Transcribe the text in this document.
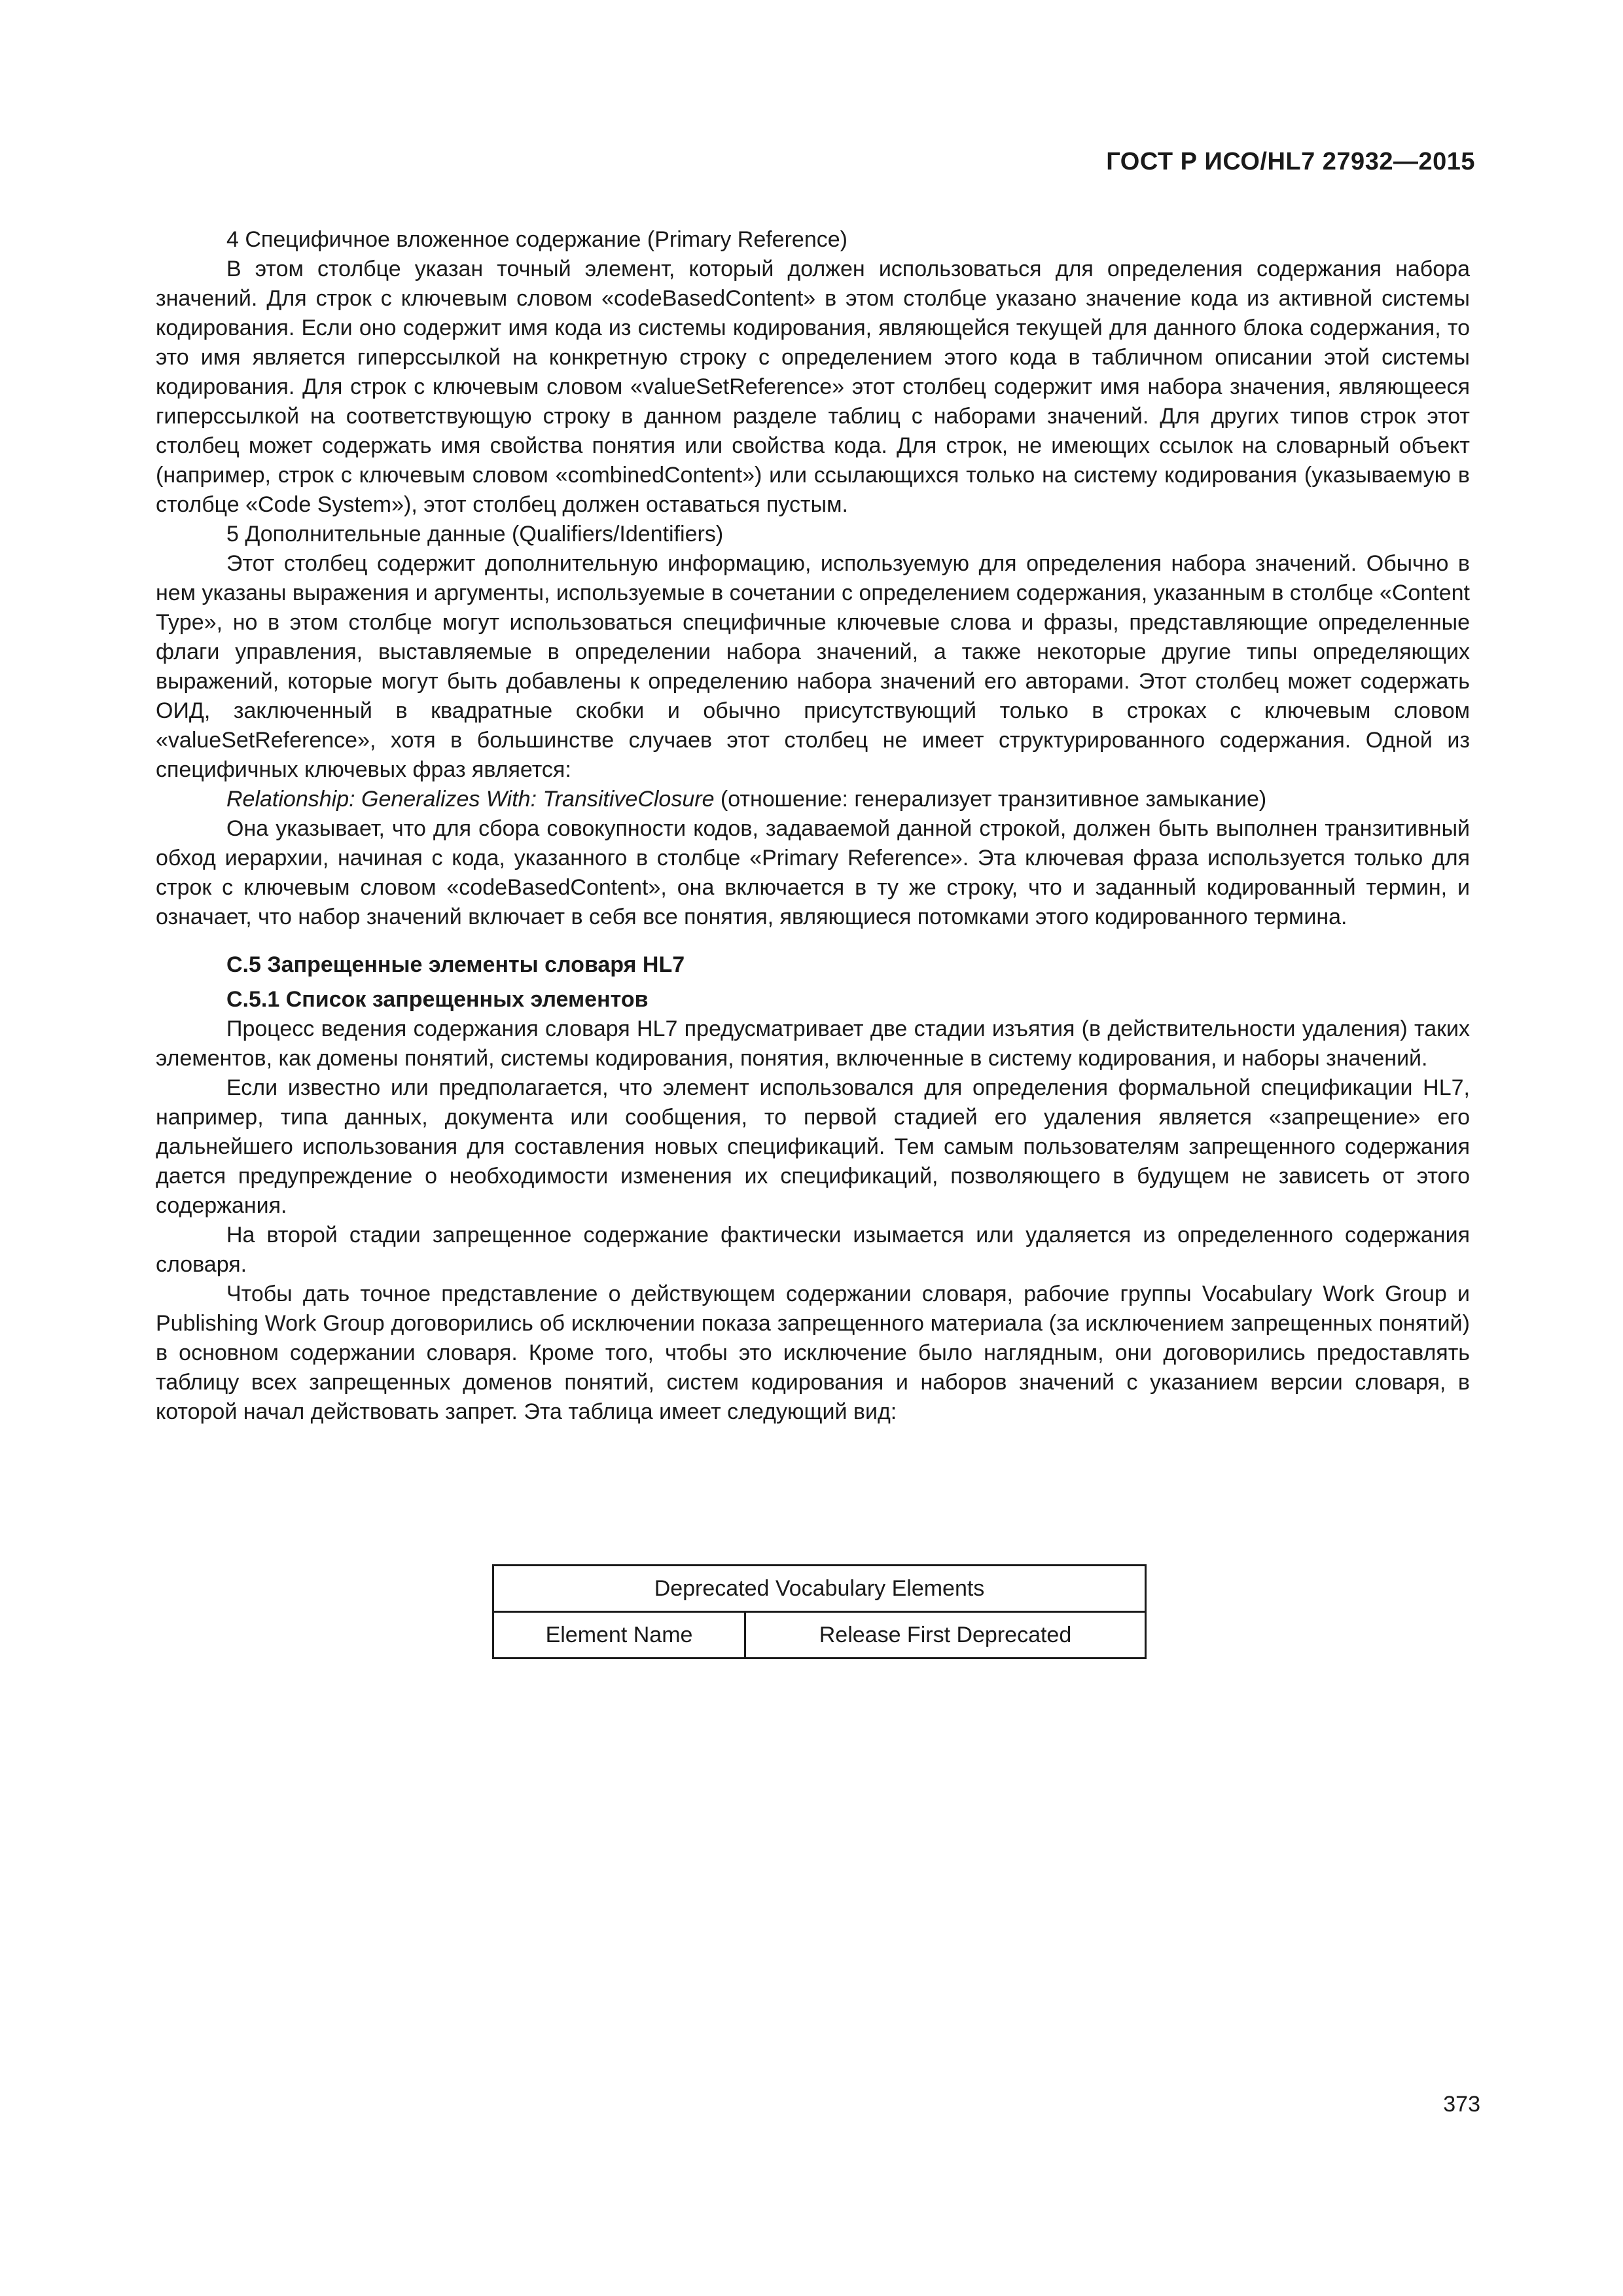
ГОСТ Р ИСО/HL7 27932—2015

4 Специфичное вложенное содержание (Primary Reference)

В этом столбце указан точный элемент, который должен использоваться для определения содержания набора значений. Для строк с ключевым словом «codeBasedContent» в этом столбце указано значение кода из активной системы кодирования. Если оно содержит имя кода из системы кодирования, являющейся текущей для данного блока содержания, то это имя является гиперссылкой на конкретную строку с определением этого кода в табличном описании этой системы кодирования. Для строк с ключевым словом «valueSetReference» этот столбец содержит имя набора значения, являющееся гиперссылкой на соответствующую строку в данном разделе таблиц с наборами значений. Для других типов строк этот столбец может содержать имя свойства понятия или свойства кода. Для строк, не имеющих ссылок на словарный объект (например, строк с ключевым словом «combinedContent») или ссылающихся только на систему кодирования (указываемую в столбце «Code System»), этот столбец должен оставаться пустым.

5 Дополнительные данные (Qualifiers/Identifiers)

Этот столбец содержит дополнительную информацию, используемую для определения набора значений. Обычно в нем указаны выражения и аргументы, используемые в сочетании с определением содержания, указанным в столбце «Content Type», но в этом столбце могут использоваться специфичные ключевые слова и фразы, представляющие определенные флаги управления, выставляемые в определении набора значений, а также некоторые другие типы определяющих выражений, которые могут быть добавлены к определению набора значений его авторами. Этот столбец может содержать ОИД, заключенный в квадратные скобки и обычно присутствующий только в строках с ключевым словом «valueSetReference», хотя в большинстве случаев этот столбец не имеет структурированного содержания. Одной из специфичных ключевых фраз является:

Relationship: Generalizes With: TransitiveClosure (отношение: генерализует транзитивное замыкание)

Она указывает, что для сбора совокупности кодов, задаваемой данной строкой, должен быть выполнен транзитивный обход иерархии, начиная с кода, указанного в столбце «Primary Reference». Эта ключевая фраза используется только для строк с ключевым словом «codeBasedContent», она включается в ту же строку, что и заданный кодированный термин, и означает, что набор значений включает в себя все понятия, являющиеся потомками этого кодированного термина.

С.5 Запрещенные элементы словаря HL7
С.5.1 Список запрещенных элементов

Процесс ведения содержания словаря HL7 предусматривает две стадии изъятия (в действительности удаления) таких элементов, как домены понятий, системы кодирования, понятия, включенные в систему кодирования, и наборы значений.

Если известно или предполагается, что элемент использовался для определения формальной спецификации HL7, например, типа данных, документа или сообщения, то первой стадией его удаления является «запрещение» его дальнейшего использования для составления новых спецификаций. Тем самым пользователям запрещенного содержания дается предупреждение о необходимости изменения их спецификаций, позволяющего в будущем не зависеть от этого содержания.

На второй стадии запрещенное содержание фактически изымается или удаляется из определенного содержания словаря.

Чтобы дать точное представление о действующем содержании словаря, рабочие группы Vocabulary Work Group и Publishing Work Group договорились об исключении показа запрещенного материала (за исключением запрещенных понятий) в основном содержании словаря. Кроме того, чтобы это исключение было наглядным, они договорились предоставлять таблицу всех запрещенных доменов понятий, систем кодирования и наборов значений с указанием версии словаря, в которой начал действовать запрет. Эта таблица имеет следующий вид:

Deprecated Vocabulary Elements
Element Name	Release First Deprecated
373
